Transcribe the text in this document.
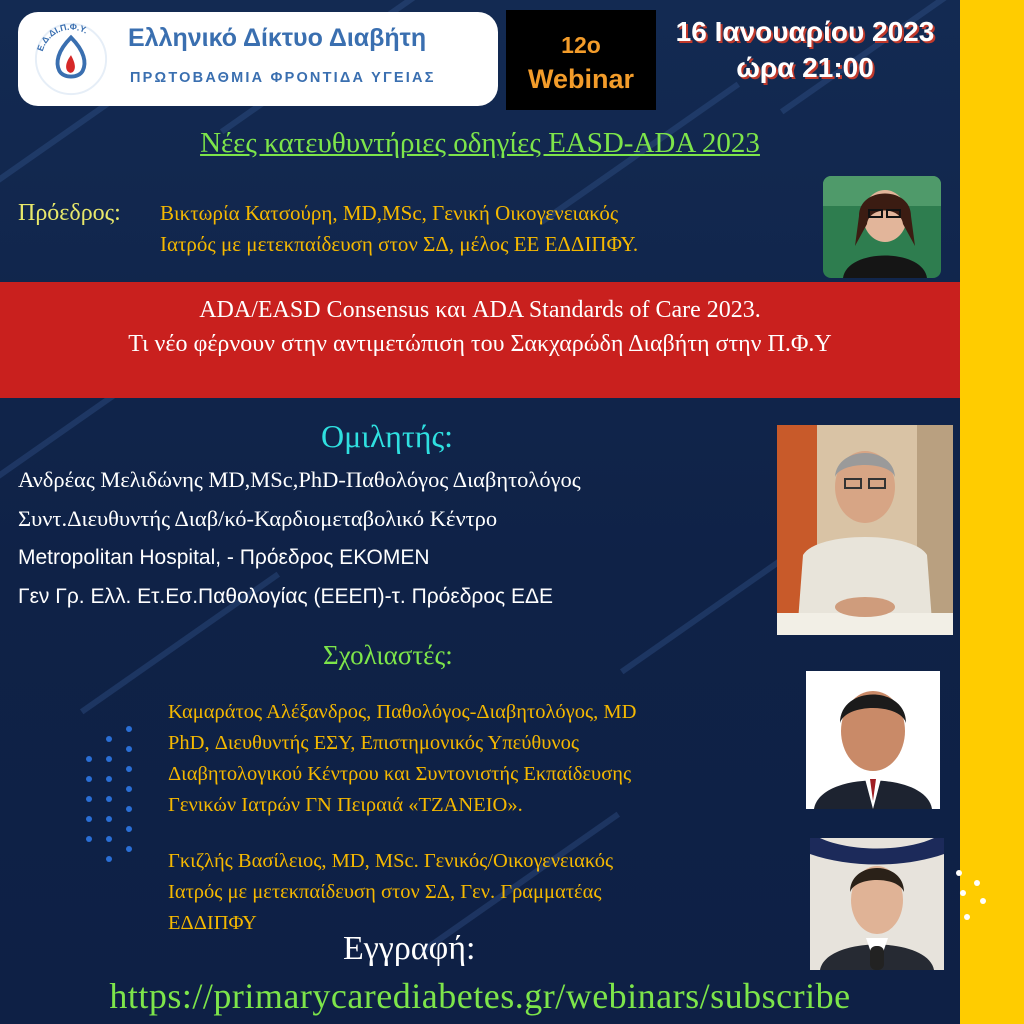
Ε.Δ.ΔΙ.Π.Φ.Υ. Ελληνικό Δίκτυο Διαβήτη
ΠΡΩΤΟΒΑΘΜΙΑ ΦΡΟΝΤΙΔΑ ΥΓΕΙΑΣ
12ο
Webinar
16 Ιανουαρίου 2023
ώρα 21:00
Νέες κατευθυντήριες οδηγίες EASD-ADA 2023
Πρόεδρος: Βικτωρία Κατσούρη, MD,MSc, Γενική Οικογενειακός
Ιατρός με μετεκπαίδευση στον ΣΔ, μέλος ΕΕ ΕΔΔΙΠΦΥ.
ADA/EASD Consensus και ADA Standards of Care 2023.
Τι νέο φέρνουν στην αντιμετώπιση του Σακχαρώδη Διαβήτη στην Π.Φ.Υ
Ομιλητής:
Ανδρέας Μελιδώνης MD,MSc,PhD-Παθολόγος Διαβητολόγος
Συντ.Διευθυντής Διαβ/κό-Καρδιομεταβολικό Κέντρο
Metropolitan Hospital, - Πρόεδρος ΕΚΟΜΕΝ
Γεν Γρ. Ελλ. Ετ.Εσ.Παθολογίας (ΕΕΕΠ)-τ. Πρόεδρος ΕΔΕ
Σχολιαστές:
Καμαράτος Αλέξανδρος, Παθολόγος-Διαβητολόγος, MD
PhD, Διευθυντής ΕΣΥ, Επιστημονικός Υπεύθυνος
Διαβητολογικού Κέντρου και Συντονιστής Εκπαίδευσης
Γενικών Ιατρών ΓΝ Πειραιά «ΤΖΑΝΕΙΟ».
Γκιζλής Βασίλειος, MD, MSc. Γενικός/Οικογενειακός
Ιατρός με μετεκπαίδευση στον ΣΔ, Γεν. Γραμματέας
ΕΔΔΙΠΦΥ
Εγγραφή:
https://primarycarediabetes.gr/webinars/subscribe
